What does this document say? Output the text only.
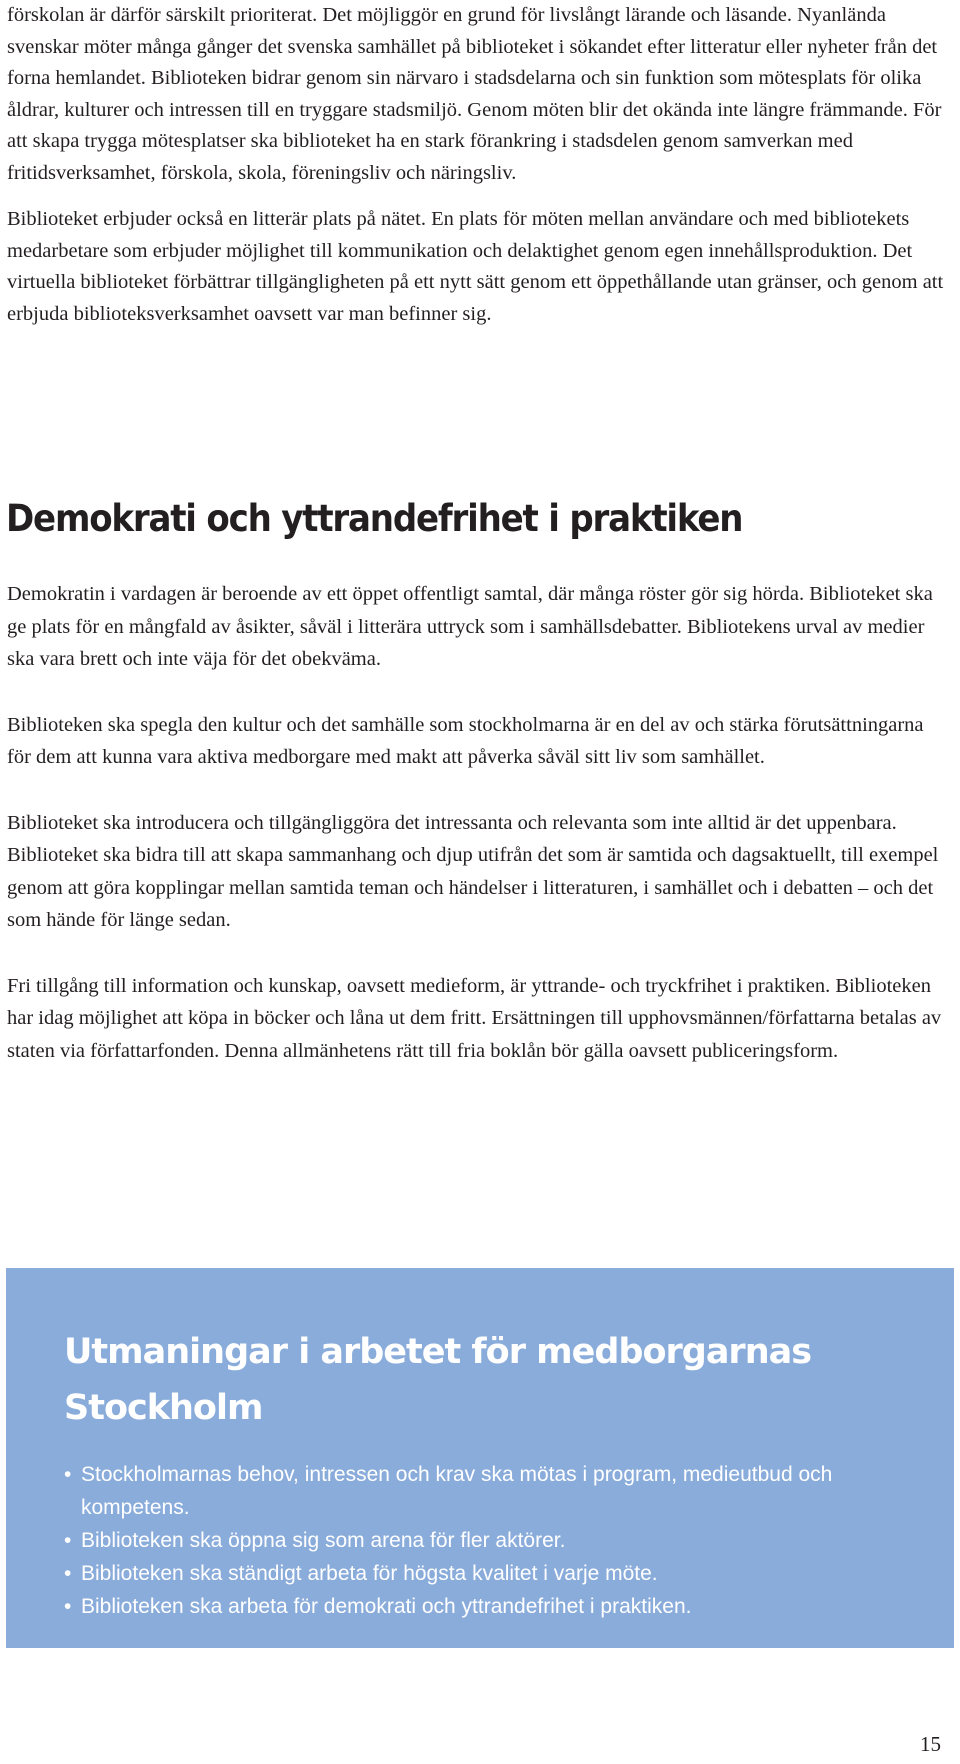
förskolan är därför särskilt prioriterat. Det möjliggör en grund för livslångt lärande och läsande. Nyanlända svenskar möter många gånger det svenska samhället på biblioteket i sökandet efter litteratur eller nyheter från det forna hemlandet. Biblioteken bidrar genom sin närvaro i stadsdelarna och sin funktion som mötesplats för olika åldrar, kulturer och intressen till en tryggare stadsmiljö. Genom möten blir det okända inte längre främmande. För att skapa trygga mötesplatser ska biblioteket ha en stark förankring i stadsdelen genom samverkan med fritidsverksamhet, förskola, skola, föreningsliv och näringsliv.

Biblioteket erbjuder också en litterär plats på nätet. En plats för möten mellan användare och med bibliotekets medarbetare som erbjuder möjlighet till kommunikation och delaktighet genom egen innehållsproduktion. Det virtuella biblioteket förbättrar tillgängligheten på ett nytt sätt genom ett öppethållande utan gränser, och genom att erbjuda biblioteksverksamhet oavsett var man befinner sig.

Demokrati och yttrandefrihet i praktiken

Demokratin i vardagen är beroende av ett öppet offentligt samtal, där många röster gör sig hörda. Biblioteket ska ge plats för en mångfald av åsikter, såväl i litterära uttryck som i samhällsdebatter. Bibliotekens urval av medier ska vara brett och inte väja för det obekväma.

Biblioteken ska spegla den kultur och det samhälle som stockholmarna är en del av och stärka förutsättningarna för dem att kunna vara aktiva medborgare med makt att påverka såväl sitt liv som samhället.

Biblioteket ska introducera och tillgängliggöra det intressanta och relevanta som inte alltid är det uppenbara. Biblioteket ska bidra till att skapa sammanhang och djup utifrån det som är samtida och dagsaktuellt, till exempel genom att göra kopplingar mellan samtida teman och händelser i litteraturen, i samhället och i debatten – och det som hände för länge sedan.

Fri tillgång till information och kunskap, oavsett medieform, är yttrande- och tryckfrihet i praktiken. Biblioteken har idag möjlighet att köpa in böcker och låna ut dem fritt. Ersättningen till upphovsmännen/författarna betalas av staten via författarfonden. Denna allmänhetens rätt till fria boklån bör gälla oavsett publiceringsform.

Utmaningar i arbetet för medborgarnas
Stockholm
• Stockholmarnas behov, intressen och krav ska mötas i program, medieutbud och kompetens.
• Biblioteken ska öppna sig som arena för fler aktörer.
• Biblioteken ska ständigt arbeta för högsta kvalitet i varje möte.
• Biblioteken ska arbeta för demokrati och yttrandefrihet i praktiken.
15
